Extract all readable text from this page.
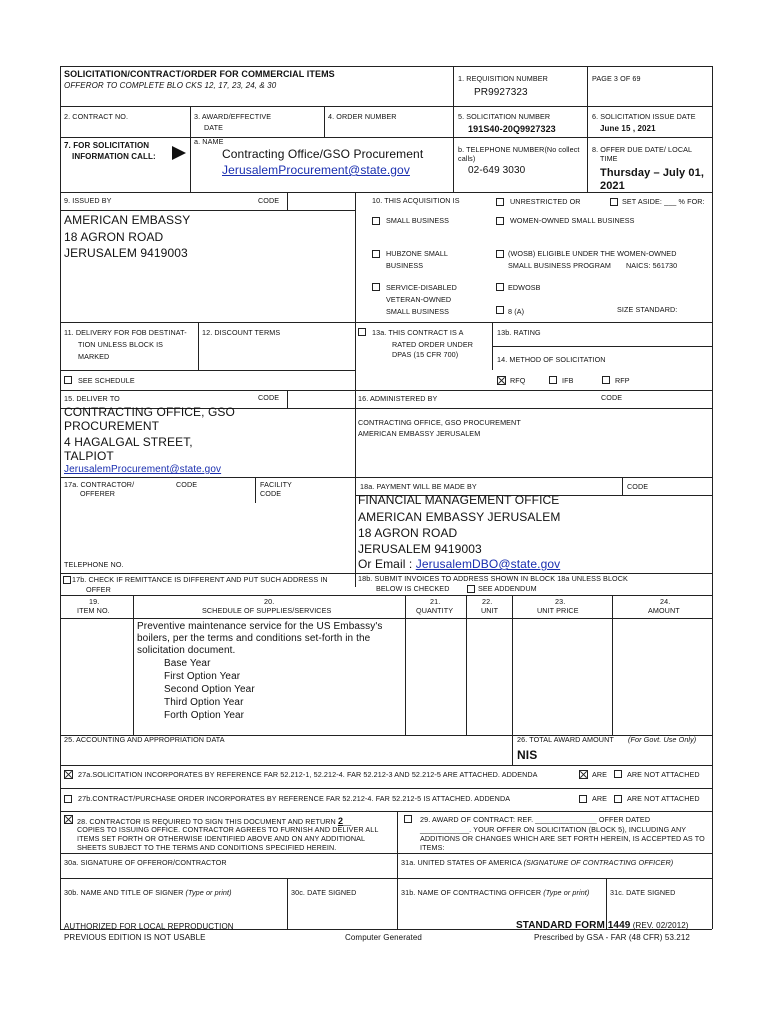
SOLICITATION/CONTRACT/ORDER FOR COMMERCIAL ITEMS
OFFEROR TO COMPLETE BLO CKS 12, 17, 23, 24, & 30
1. REQUISITION NUMBER
PR9927323
PAGE 3 OF 69
2. CONTRACT NO.	3. AWARD/EFFECTIVE
DATE
4. ORDER NUMBER	5. SOLICITATION NUMBER
191S40-20Q9927323
6. SOLICITATION ISSUE DATE
June 15 , 2021
7. FOR SOLICITATION
INFORMATION CALL:
a. NAME
Contracting Office/GSO Procurement
JerusalemProcurement@state.gov
b. TELEPHONE NUMBER(No collect
calls)
02-649 3030
8. OFFER DUE DATE/ LOCAL
TIME
Thursday – July 01,
2021
9. ISSUED BY	CODE
AMERICAN EMBASSY
18 AGRON ROAD
JERUSALEM 9419003
10. THIS ACQUISITION IS	UNRESTRICTED OR	SET ASIDE: ___ % FOR:
SMALL BUSINESS	WOMEN-OWNED SMALL BUSINESS
HUBZONE SMALL
BUSINESS
(WOSB) ELIGIBLE UNDER THE WOMEN-OWNED
SMALL BUSINESS PROGRAM NAICS: 561730
SERVICE-DISABLED
VETERAN-OWNED
SMALL BUSINESS
EDWOSB
8 (A)	SIZE STANDARD:
11. DELIVERY FOR FOB DESTINAT-
TION UNLESS BLOCK IS
MARKED
12. DISCOUNT TERMS	13a. THIS CONTRACT IS A
RATED ORDER UNDER
DPAS (15 CFR 700)
13b. RATING
14. METHOD OF SOLICITATION
SEE SCHEDULE	RFQ	IFB	RFP
15. DELIVER TO	CODE
CONTRACTING OFFICE, GSO
PROCUREMENT
4 HAGALGAL STREET,
TALPIOT
JerusalemProcurement@state.gov
16. ADMINISTERED BY	CODE
CONTRACTING OFFICE, GSO PROCUREMENT
AMERICAN EMBASSY JERUSALEM
17a. CONTRACTOR/
OFFERER
CODE	FACILITY
CODE
TELEPHONE NO.
17b. CHECK IF REMITTANCE IS DIFFERENT AND PUT SUCH ADDRESS IN
OFFER
18a. PAYMENT WILL BE MADE BY	CODE
FINANCIAL MANAGEMENT OFFICE
AMERICAN EMBASSY JERUSALEM
18 AGRON ROAD
JERUSALEM 9419003
Or Email : JerusalemDBO@state.gov
18b. SUBMIT INVOICES TO ADDRESS SHOWN IN BLOCK 18a UNLESS BLOCK
BELOW IS CHECKED	SEE ADDENDUM
19.
ITEM NO.
20.
SCHEDULE OF SUPPLIES/SERVICES
21.
QUANTITY
22.
UNIT
23.
UNIT PRICE
24.
AMOUNT
Preventive maintenance service for the US Embassy's
boilers, per the terms and conditions set-forth in the
solicitation document.
Base Year
First Option Year
Second Option Year
Third Option Year
Forth Option Year
25. ACCOUNTING AND APPROPRIATION DATA	26. TOTAL AWARD AMOUNT (For Govt. Use Only)
NIS
27a.SOLICITATION INCORPORATES BY REFERENCE FAR 52.212-1, 52.212-4. FAR 52.212-3 AND 52.212-5 ARE ATTACHED. ADDENDA	ARE	ARE NOT ATTACHED
27b.CONTRACT/PURCHASE ORDER INCORPORATES BY REFERENCE FAR 52.212-4. FAR 52.212-5 IS ATTACHED. ADDENDA	ARE	ARE NOT ATTACHED
28. CONTRACTOR IS REQUIRED TO SIGN THIS DOCUMENT AND RETURN 2__
COPIES TO ISSUING OFFICE. CONTRACTOR AGREES TO FURNISH AND DELIVER ALL
ITEMS SET FORTH OR OTHERWISE IDENTIFIED ABOVE AND ON ANY ADDITIONAL
SHEETS SUBJECT TO THE TERMS AND CONDITIONS SPECIFIED HEREIN.
29. AWARD OF CONTRACT: REF. _______________ OFFER DATED
____________. YOUR OFFER ON SOLICITATION (BLOCK 5), INCLUDING ANY
ADDITIONS OR CHANGES WHICH ARE SET FORTH HEREIN, IS ACCEPTED AS TO
ITEMS:
30a. SIGNATURE OF OFFEROR/CONTRACTOR	31a. UNITED STATES OF AMERICA (SIGNATURE OF CONTRACTING OFFICER)
30b. NAME AND TITLE OF SIGNER (Type or print)	30c. DATE SIGNED	31b. NAME OF CONTRACTING OFFICER (Type or print)	31c. DATE SIGNED
AUTHORIZED FOR LOCAL REPRODUCTION
PREVIOUS EDITION IS NOT USABLE	Computer Generated
STANDARD FORM 1449 (REV. 02/2012)
Prescribed by GSA - FAR (48 CFR) 53.212
